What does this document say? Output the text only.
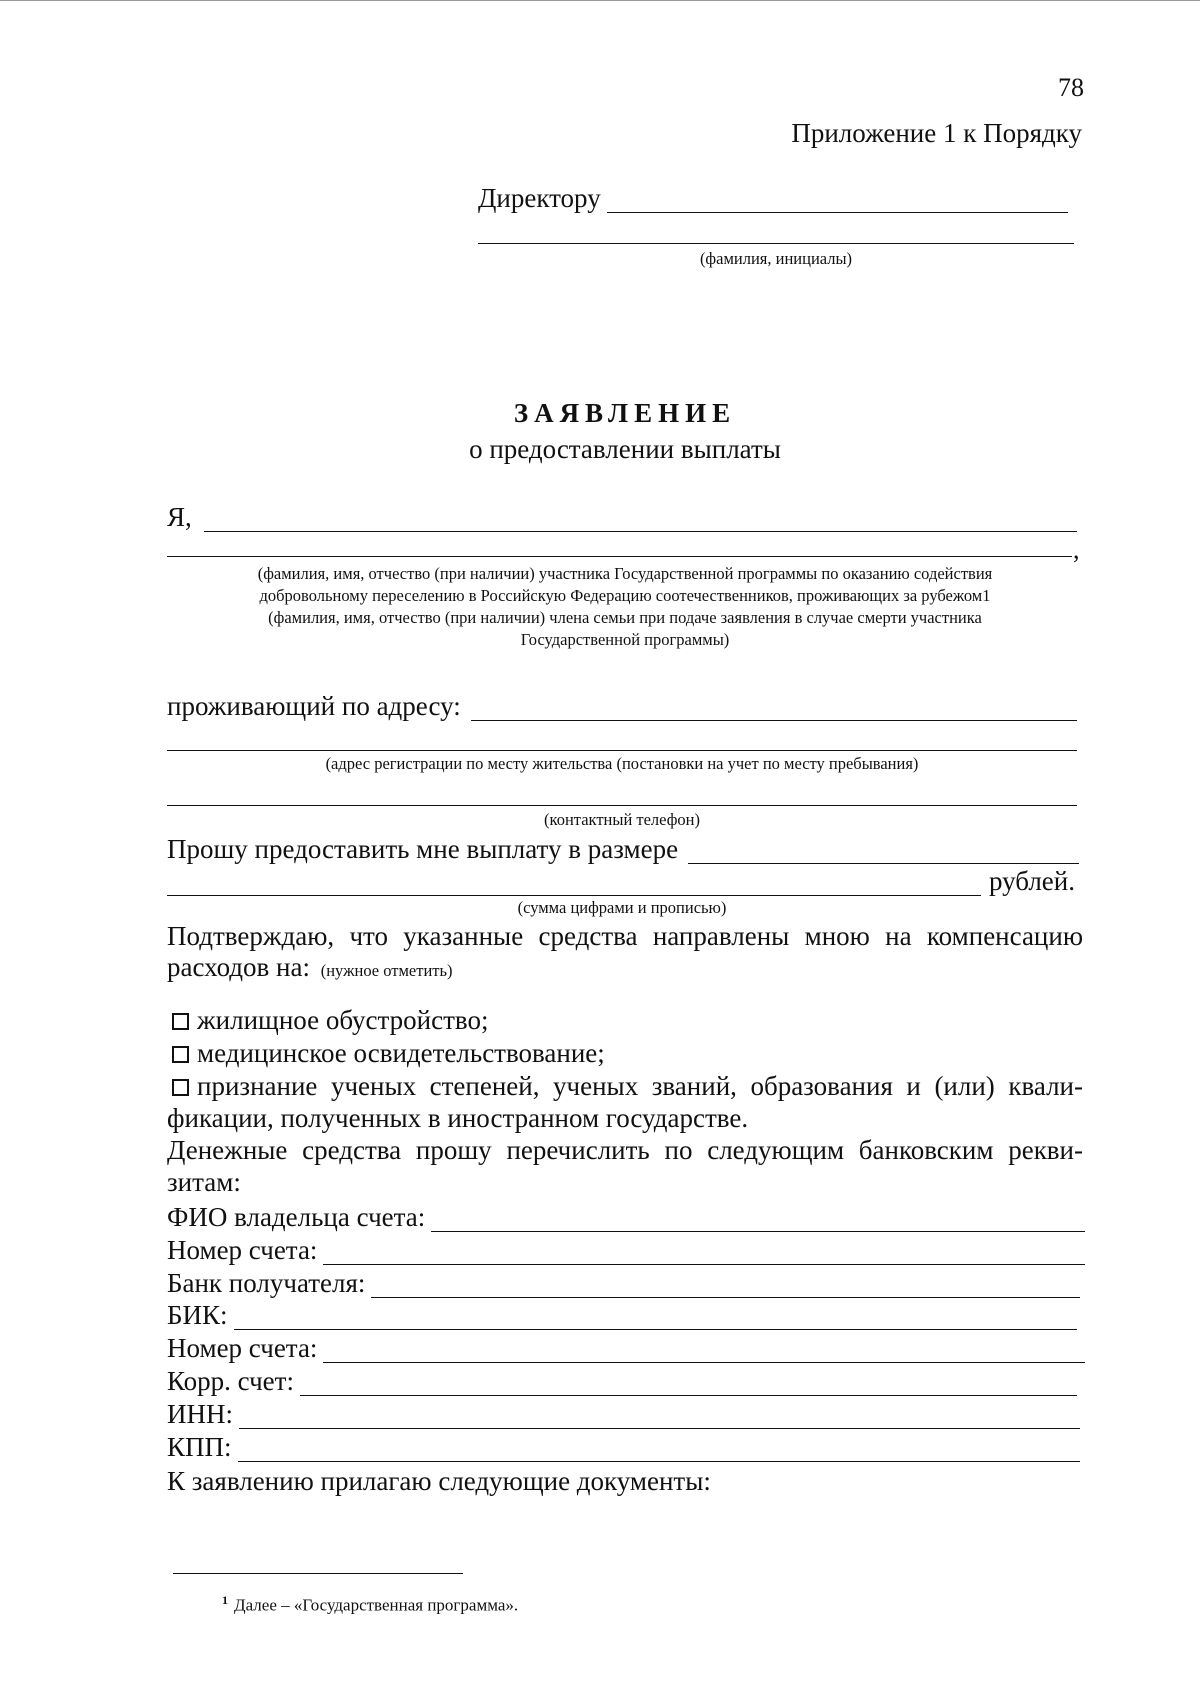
78
Приложение 1 к Порядку
Директору
(фамилия, инициалы)
ЗАЯВЛЕНИЕ
о предоставлении выплаты
Я,
,
(фамилия, имя, отчество (при наличии) участника Государственной программы по оказанию содействия
добровольному переселению в Российскую Федерацию соотечественников, проживающих за рубежом1
(фамилия, имя, отчество (при наличии) члена семьи при подаче заявления в случае смерти участника
Государственной программы)
проживающий по адресу:
(адрес регистрации по месту жительства (постановки на учет по месту пребывания)
(контактный телефон)
Прошу предоставить мне выплату в размере
рублей.
(сумма цифрами и прописью)
Подтверждаю, что указанные средства направлены мною на компенсацию
расходов на: (нужное отметить)
жилищное обустройство;
медицинское освидетельствование;
признание ученых степеней, ученых званий, образования и (или) квали-
фикации, полученных в иностранном государстве.
Денежные средства прошу перечислить по следующим банковским рекви-
зитам:
ФИО владельца счета:
Номер счета:
Банк получателя:
БИК:
Номер счета:
Корр. счет:
ИНН:
КПП:
К заявлению прилагаю следующие документы:
$^1$ Далее – «Государственная программа».
